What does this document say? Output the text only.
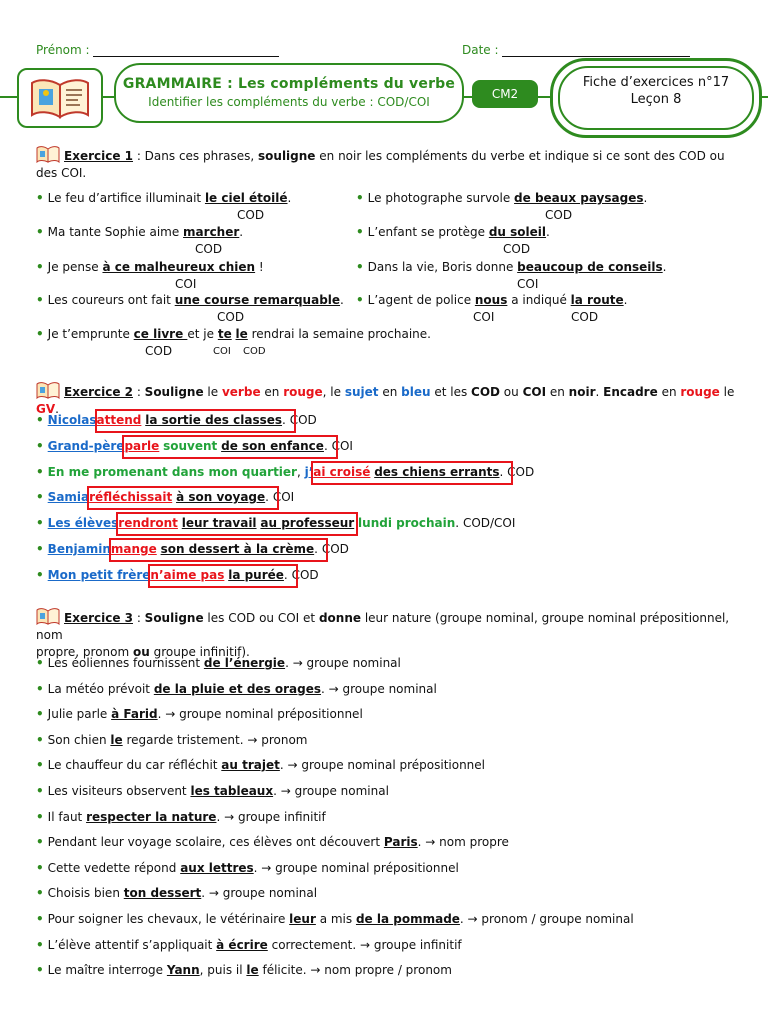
Prénom :	Date :
GRAMMAIRE : Les compléments du verbe
Identifier les compléments du verbe : COD/COI
CM2
Fiche d’exercices n°17
Leçon 8
Exercice 1 : Dans ces phrases, souligne en noir les compléments du verbe et indique si ce sont des COD ou
des COI.
• Le feu d’artifice illuminait le ciel étoilé.
COD
• Ma tante Sophie aime marcher.
COD
• Je pense à ce malheureux chien !
COI
• Les coureurs ont fait une course remarquable.
COD
• Le photographe survole de beaux paysages.
COD
• L’enfant se protège du soleil.
COD
• Dans la vie, Boris donne beaucoup de conseils.
COI
• L’agent de police nous a indiqué la route.
COI	COD
• Je t’emprunte ce livre et je te le rendrai la semaine prochaine.
COD	COI COD
Exercice 2 : Souligne le verbe en rouge, le sujet en bleu et les COD ou COI en noir. Encadre en rouge le GV.
• Nicolasattend la sortie des classes. COD
• Grand-pèreparle souvent de son enfance. COI
• En me promenant dans mon quartier, j’ai croisé des chiens errants. COD
• Samiaréfléchissait à son voyage. COI
• Les élèvesrendront leur travail au professeur lundi prochain. COD/COI
• Benjaminmange son dessert à la crème. COD
• Mon petit frèren’aime pas la purée. COD
Exercice 3 : Souligne les COD ou COI et donne leur nature (groupe nominal, groupe nominal prépositionnel, nom
propre, pronom ou groupe infinitif).
• Les éoliennes fournissent de l’énergie. → groupe nominal
• La météo prévoit de la pluie et des orages. → groupe nominal
• Julie parle à Farid. → groupe nominal prépositionnel
• Son chien le regarde tristement. → pronom
• Le chauffeur du car réfléchit au trajet. → groupe nominal prépositionnel
• Les visiteurs observent les tableaux. → groupe nominal
• Il faut respecter la nature. → groupe infinitif
• Pendant leur voyage scolaire, ces élèves ont découvert Paris. → nom propre
• Cette vedette répond aux lettres. → groupe nominal prépositionnel
• Choisis bien ton dessert. → groupe nominal
• Pour soigner les chevaux, le vétérinaire leur a mis de la pommade. → pronom / groupe nominal
• L’élève attentif s’appliquait à écrire correctement. → groupe infinitif
• Le maître interroge Yann, puis il le félicite. → nom propre / pronom
